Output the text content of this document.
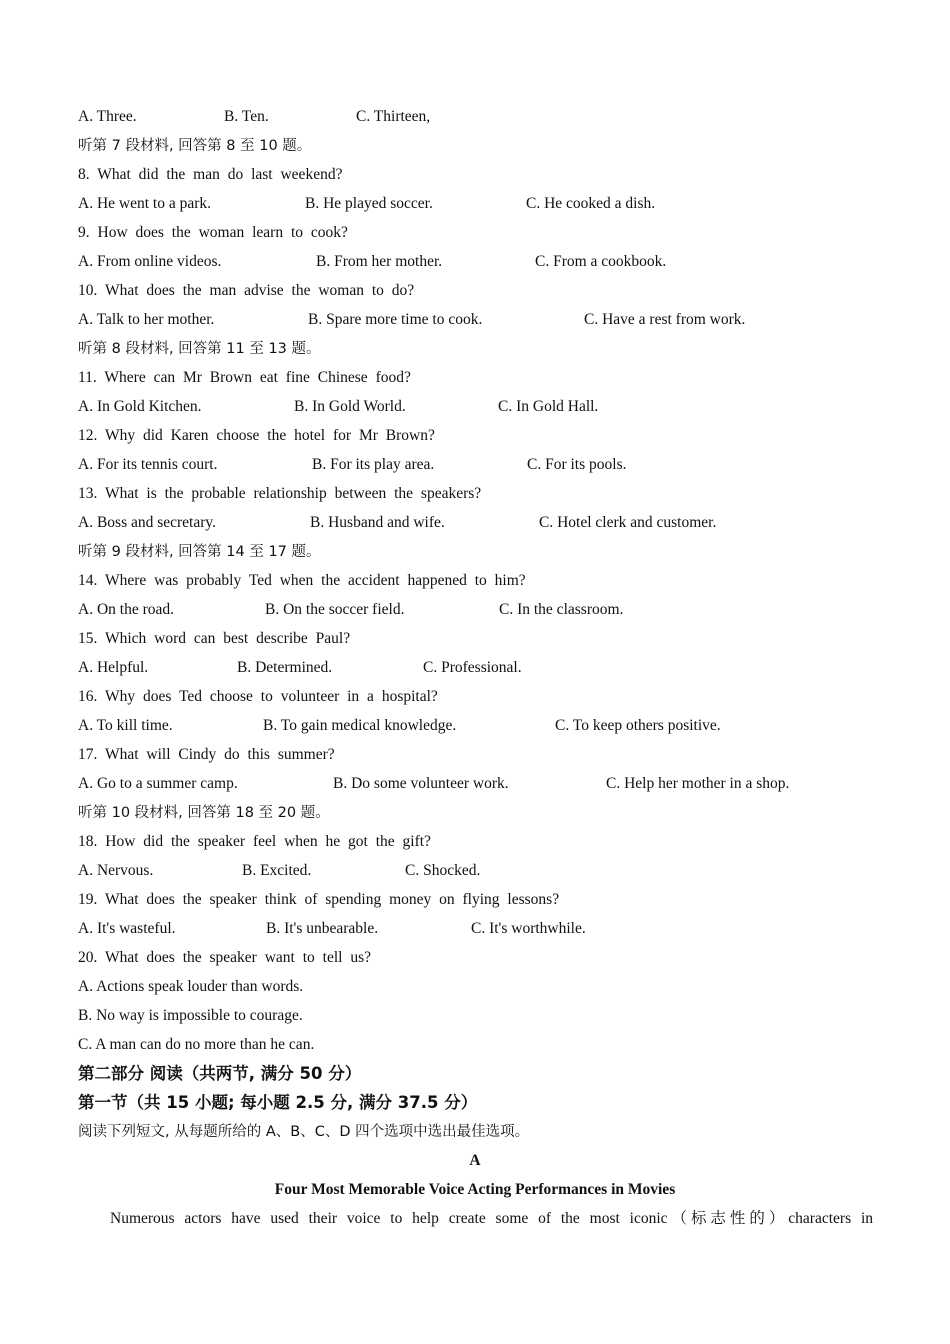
A. Three.	B. Ten.	C. Thirteen,
听第 7 段材料, 回答第 8 至 10 题。
8. What did the man do last weekend?
A. He went to a park.	B. He played soccer.	C. He cooked a dish.
9. How does the woman learn to cook?
A. From online videos.	B. From her mother.	C. From a cookbook.
10. What does the man advise the woman to do?
A. Talk to her mother.	B. Spare more time to cook.	C. Have a rest from work.
听第 8 段材料, 回答第 11 至 13 题。
11. Where can Mr Brown eat fine Chinese food?
A. In Gold Kitchen.	B. In Gold World.	C. In Gold Hall.
12. Why did Karen choose the hotel for Mr Brown?
A. For its tennis court.	B. For its play area.	C. For its pools.
13. What is the probable relationship between the speakers?
A. Boss and secretary.	B. Husband and wife.	C. Hotel clerk and customer.
听第 9 段材料, 回答第 14 至 17 题。
14. Where was probably Ted when the accident happened to him?
A. On the road.	B. On the soccer field.	C. In the classroom.
15. Which word can best describe Paul?
A. Helpful.	B. Determined.	C. Professional.
16. Why does Ted choose to volunteer in a hospital?
A. To kill time.	B. To gain medical knowledge.	C. To keep others positive.
17. What will Cindy do this summer?
A. Go to a summer camp.	B. Do some volunteer work.	C. Help her mother in a shop.
听第 10 段材料, 回答第 18 至 20 题。
18. How did the speaker feel when he got the gift?
A. Nervous.	B. Excited.	C. Shocked.
19. What does the speaker think of spending money on flying lessons?
A. It's wasteful.	B. It's unbearable.	C. It's worthwhile.
20. What does the speaker want to tell us?
A. Actions speak louder than words.
B. No way is impossible to courage.
C. A man can do no more than he can.
第二部分 阅读（共两节, 满分 50 分）
第一节（共 15 小题; 每小题 2.5 分, 满分 37.5 分）
阅读下列短文, 从每题所给的 A、B、C、D 四个选项中选出最佳选项。
A
Four Most Memorable Voice Acting Performances in Movies
Numerous actors have used their voice to help create some of the most iconic（标志性的）characters in
